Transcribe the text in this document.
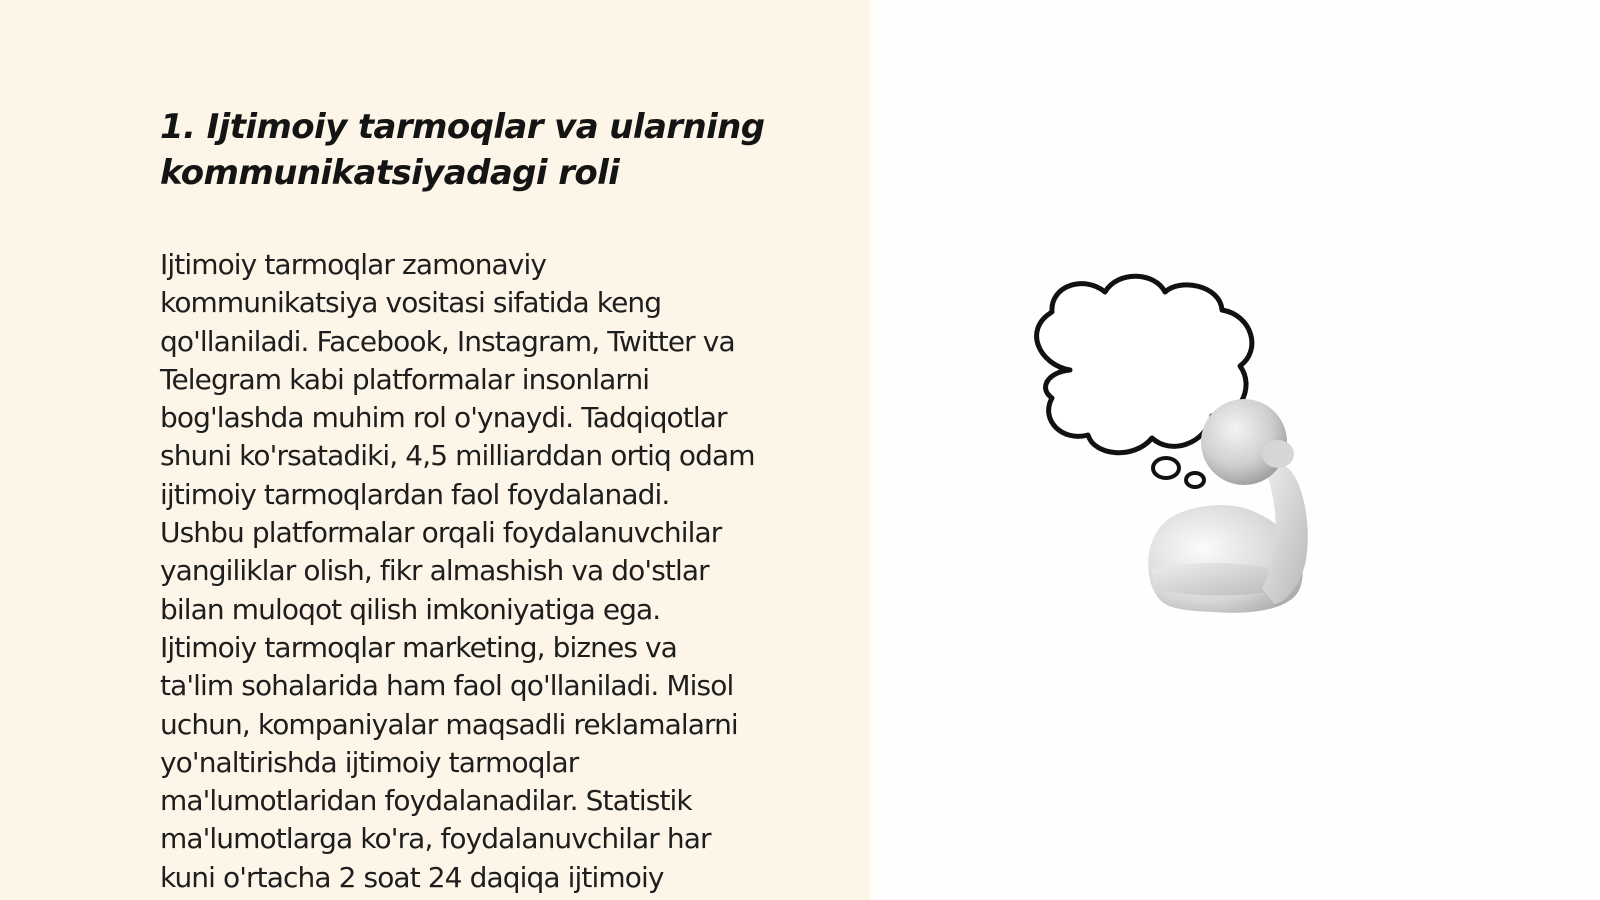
1. Ijtimoiy tarmoqlar va ularning
kommunikatsiyadagi roli

Ijtimoiy tarmoqlar zamonaviy
kommunikatsiya vositasi sifatida keng
qo'llaniladi. Facebook, Instagram, Twitter va
Telegram kabi platformalar insonlarni
bog'lashda muhim rol o'ynaydi. Tadqiqotlar
shuni ko'rsatadiki, 4,5 milliarddan ortiq odam
ijtimoiy tarmoqlardan faol foydalanadi.
Ushbu platformalar orqali foydalanuvchilar
yangiliklar olish, fikr almashish va do'stlar
bilan muloqot qilish imkoniyatiga ega.
Ijtimoiy tarmoqlar marketing, biznes va
ta'lim sohalarida ham faol qo'llaniladi. Misol
uchun, kompaniyalar maqsadli reklamalarni
yo'naltirishda ijtimoiy tarmoqlar
ma'lumotlaridan foydalanadilar. Statistik
ma'lumotlarga ko'ra, foydalanuvchilar har
kuni o'rtacha 2 soat 24 daqiqa ijtimoiy
